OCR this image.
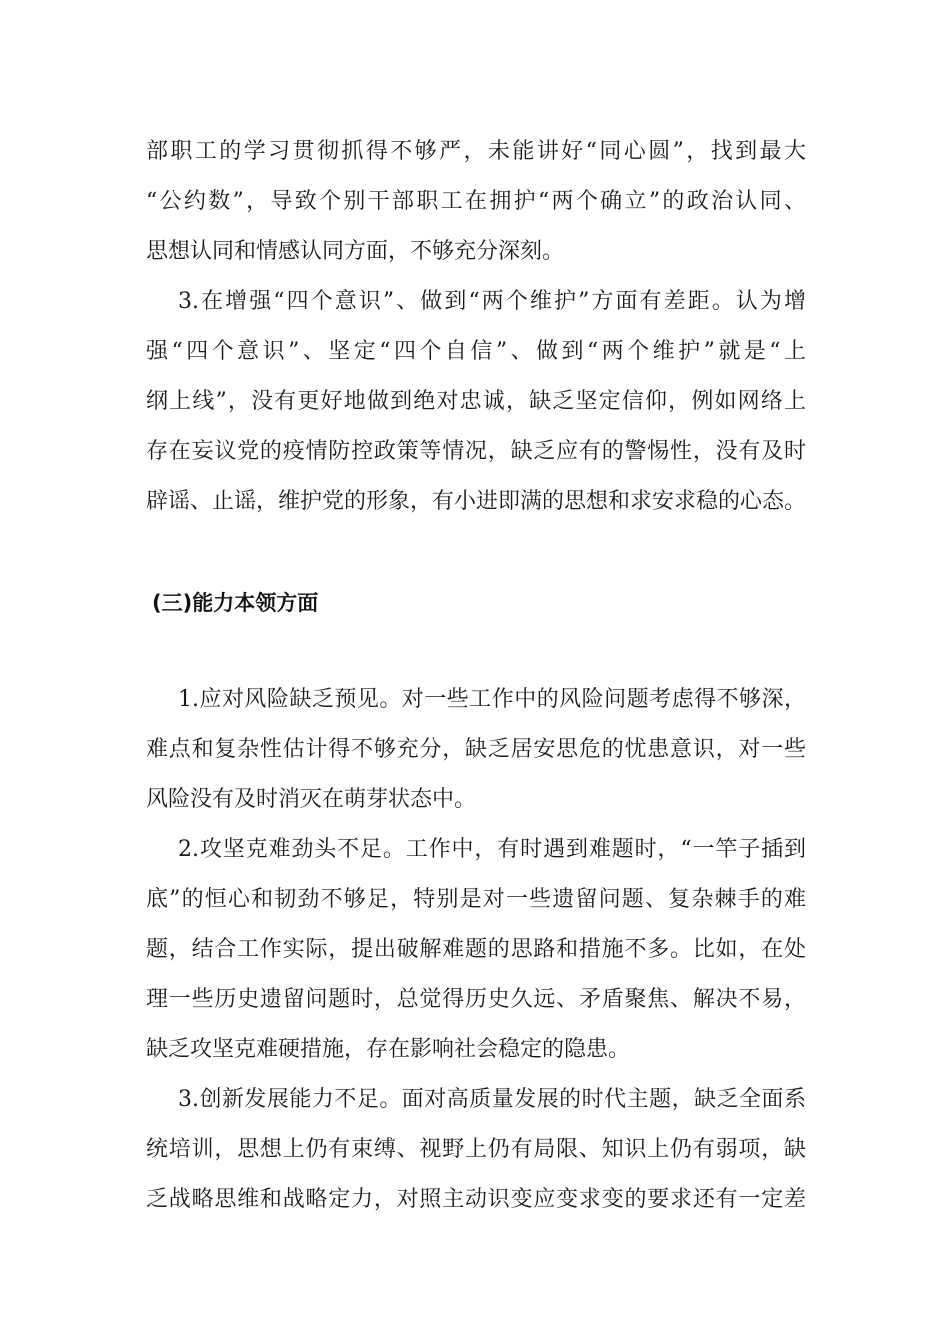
部职工的学习贯彻抓得不够严，未能讲好“同心圆”，找到最大
“公约数”，导致个别干部职工在拥护“两个确立”的政治认同、
思想认同和情感认同方面，不够充分深刻。
3.在增强“四个意识”、做到“两个维护”方面有差距。认为增
强“四个意识”、坚定“四个自信”、做到“两个维护”就是“上
纲上线”，没有更好地做到绝对忠诚，缺乏坚定信仰，例如网络上
存在妄议党的疫情防控政策等情况，缺乏应有的警惕性，没有及时
辟谣、止谣，维护党的形象，有小进即满的思想和求安求稳的心态。
(三)能力本领方面
1.应对风险缺乏预见。对一些工作中的风险问题考虑得不够深，
难点和复杂性估计得不够充分，缺乏居安思危的忧患意识，对一些
风险没有及时消灭在萌芽状态中。
2.攻坚克难劲头不足。工作中，有时遇到难题时，“一竿子插到
底”的恒心和韧劲不够足，特别是对一些遗留问题、复杂棘手的难
题，结合工作实际，提出破解难题的思路和措施不多。比如，在处
理一些历史遗留问题时，总觉得历史久远、矛盾聚焦、解决不易，
缺乏攻坚克难硬措施，存在影响社会稳定的隐患。
3.创新发展能力不足。面对高质量发展的时代主题，缺乏全面系
统培训，思想上仍有束缚、视野上仍有局限、知识上仍有弱项，缺
乏战略思维和战略定力，对照主动识变应变求变的要求还有一定差
